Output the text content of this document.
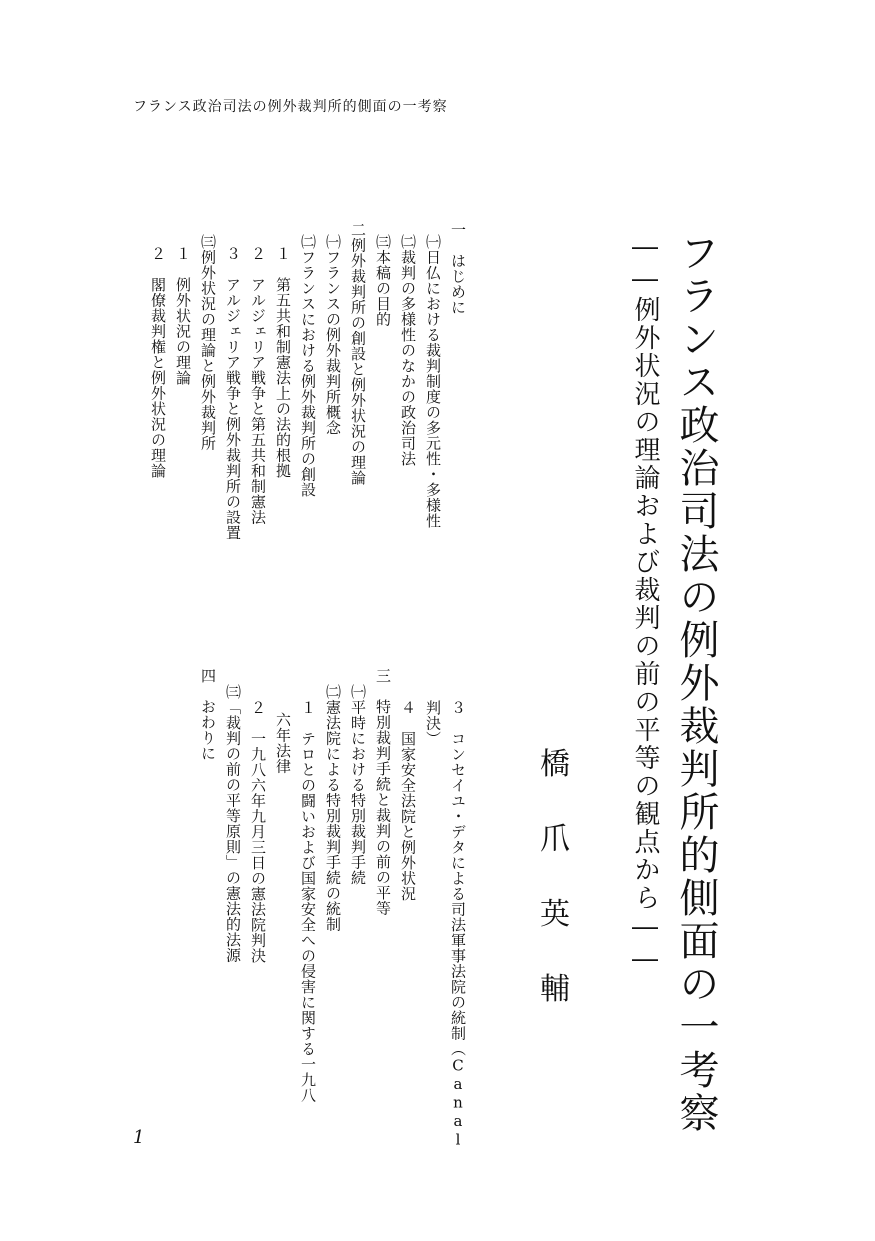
フランス政治司法の例外裁判所的側面の一考察
フランス政治司法の例外裁判所的側面の一考察
――例外状況の理論および裁判の前の平等の観点から――
橋
爪
英
輔
一　はじめに
㈠日仏における裁判制度の多元性・多様性
㈡裁判の多様性のなかの政治司法
㈢本稿の目的
二例外裁判所の創設と例外状況の理論
㈠フランスの例外裁判所概念
㈡フランスにおける例外裁判所の創設
１　第五共和制憲法上の法的根拠
２　アルジェリア戦争と第五共和制憲法
３　アルジェリア戦争と例外裁判所の設置
㈢例外状況の理論と例外裁判所
１　例外状況の理論
２　閣僚裁判権と例外状況の理論
３　コンセイユ・デタによる司法軍事法院の統制（Canal
判決）
４　国家安全法院と例外状況
三　特別裁判手続と裁判の前の平等
㈠平時における特別裁判手続
㈡憲法院による特別裁判手続の統制
１　テロとの闘いおよび国家安全への侵害に関する一九八
六年法律
２　一九八六年九月三日の憲法院判決
㈢「裁判の前の平等原則」の憲法的法源
四　おわりに
1
